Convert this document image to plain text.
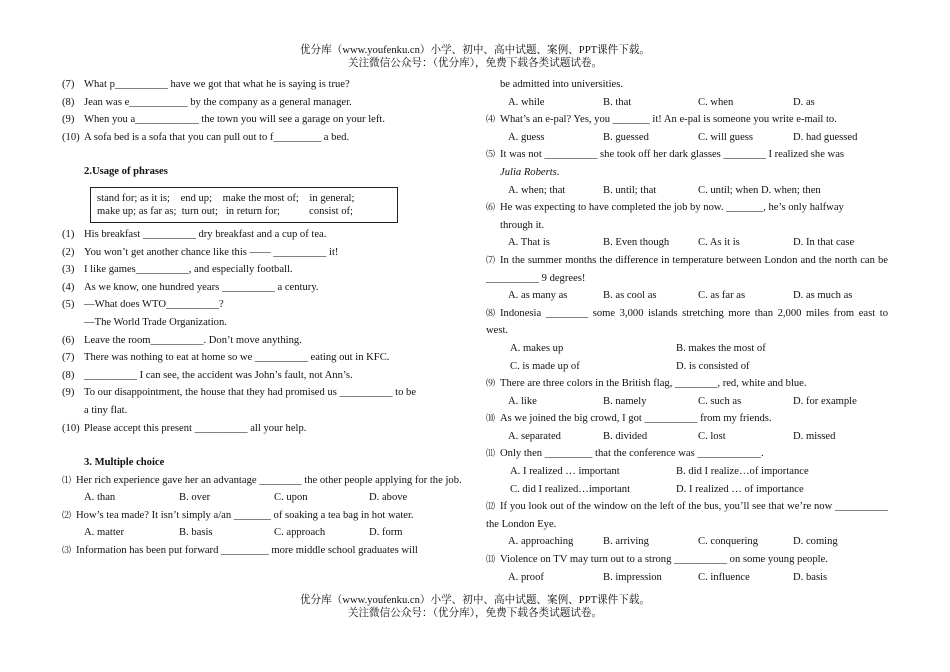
优分库（www.youfenku.cn）小学、初中、高中试题、案例、PPT课件下载。
关注微信公众号：（优分库），免费下载各类试题试卷。
(7) What p__________ have we got that what he is saying is true?
(8) Jean was e___________ by the company as a general manager.
(9) When you a____________ the town you will see a garage on your left.
(10) A sofa bed is a sofa that you can pull out to f_________ a bed.
2.Usage of phrases
stand for; as it is;    end up;    make the most of;    in general;
make up; as far as;  turn out;   in return for;           consist of;
(1) His breakfast __________ dry breakfast and a cup of tea.
(2) You won’t get another chance like this —— __________ it!
(3) I like games__________, and especially football.
(4) As we know, one hundred years __________ a century.
(5) —What does WTO__________?
—The World Trade Organization.
(6) Leave the room__________. Don’t move anything.
(7) There was nothing to eat at home so we __________ eating out in KFC.
(8) __________ I can see, the accident was John’s fault, not Ann’s.
(9) To our disappointment, the house that they had promised us __________ to be
a tiny flat.
(10) Please accept this present __________ all your help.
3. Multiple choice
⑴ Her rich experience gave her an advantage ________ the other people applying for the job.
A. than	B. over	C. upon	D. above
⑵ How’s tea made? It isn’t simply a/an _______ of soaking a tea bag in hot water.
A. matter	B. basis	C. approach	D. form
⑶ Information has been put forward _________ more middle school graduates will
be admitted into universities.
A. while	B. that	C. when	D. as
⑷ What’s an e-pal? Yes, you _______ it! An e-pal is someone you write e-mail to.
A. guess	B. guessed	C. will guess	D. had guessed
⑸ It was not __________ she took off her dark glasses ________ I realized she was
Julia Roberts.
A. when; that	B. until; that	C. until; when D. when; then
⑹ He was expecting to have completed the job by now. _______, he’s only halfway
through it.
A. That is	B. Even though	C. As it is	D. In that case
⑺ In the summer months the difference in temperature between London and the north can be __________ 9 degrees!
A. as many as	B. as cool as	C. as far as	D. as much as
⑻ Indonesia ________ some 3,000 islands stretching more than 2,000 miles from east to west.
A. makes up	B. makes the most of
C. is made up of	D. is consisted of
⑼ There are three colors in the British flag, ________, red, white and blue.
A. like	B. namely	C. such as	D. for example
⑽ As we joined the big crowd, I got __________ from my friends.
A. separated	B. divided	C. lost	D. missed
⑾ Only then _________ that the conference was ____________.
A. I realized … important	B. did I realize…of importance
C. did I realized…important	D. I realized … of importance
⑿ If you look out of the window on the left of the bus, you’ll see that we’re now __________ the London Eye.
A. approaching	B. arriving	C. conquering	D. coming
⒀ Violence on TV may turn out to a strong __________ on some young people.
A. proof	B. impression	C. influence	D. basis
优分库（www.youfenku.cn）小学、初中、高中试题、案例、PPT课件下载。
关注微信公众号：（优分库），免费下载各类试题试卷。
